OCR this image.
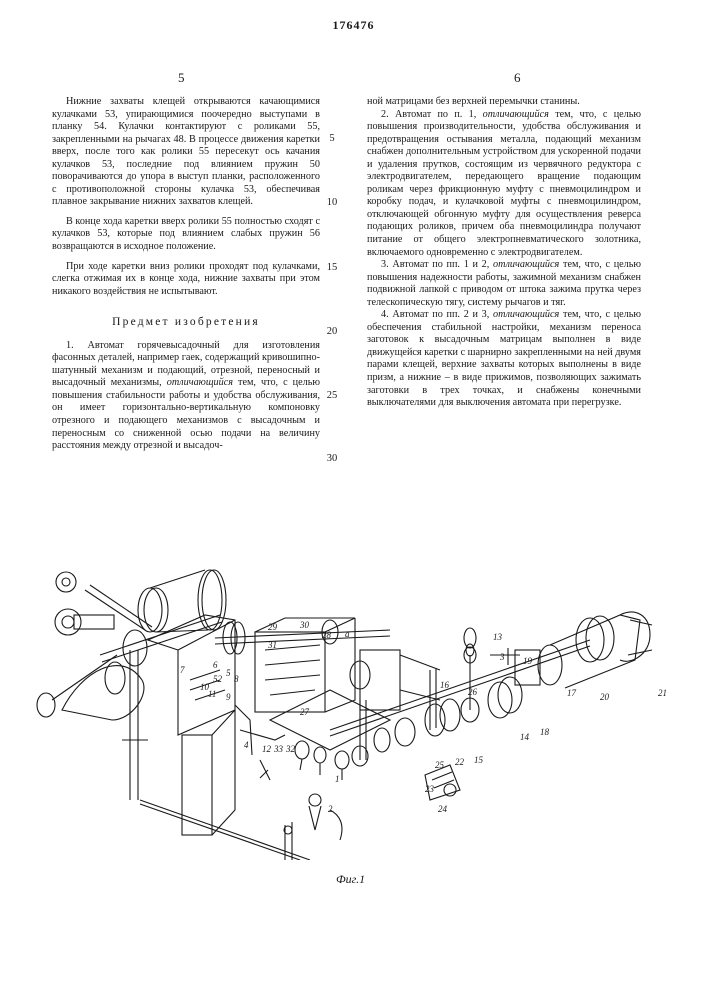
176476
5	6

Нижние захваты клещей открываются качающимися кулачками 53, упирающимися поочередно выступами в планку 54. Кулачки контактируют с роликами 55, закрепленными на рычагах 48. В процессе движения каретки вверх, после того как ролики 55 пересекут ось качания кулачков 53, последние под влиянием пружин 50 поворачиваются до упора в выступ планки, расположенного с противоположной стороны кулачка 53, обеспечивая плавное закрывание нижних захватов клещей.

В конце хода каретки вверх ролики 55 полностью сходят с кулачков 53, которые под влиянием слабых пружин 56 возвращаются в исходное положение.

При ходе каретки вниз ролики проходят под кулачками, слегка отжимая их в конце хода, нижние захваты при этом никакого воздействия не испытывают.

Предмет изобретения

1. Автомат горячевысадочный для изготовления фасонных деталей, например гаек, содержащий кривошипно-шатунный механизм и подающий, отрезной, переносный и высадочный механизмы, отличающийся тем, что, с целью повышения стабильности работы и удобства обслуживания, он имеет горизонтально-вертикальную компоновку отрезного и подающего механизмов с высадочным и переносным со сниженной осью подачи на величину расстояния между отрезной и высадоч-

ной матрицами без верхней перемычки станины.

2. Автомат по п. 1, отличающийся тем, что, с целью повышения производительности, удобства обслуживания и предотвращения остывания металла, подающий механизм снабжен дополнительным устройством для ускоренной подачи и удаления прутков, состоящим из червячного редуктора с электродвигателем, передающего вращение подающим роликам через фрикционную муфту с пневмоцилиндром и коробку подач, и кулачковой муфты с пневмоцилиндром, отключающей обгонную муфту для осуществления реверса подающих роликов, причем оба пневмоцилиндра получают питание от общего электропневматического золотника, включаемого одновременно с электродвигателем.

3. Автомат по пп. 1 и 2, отличающийся тем, что, с целью повышения надежности работы, зажимной механизм снабжен подвижной лапкой с приводом от штока зажима прутка через телескопическую тягу, систему рычагов и тяг.

4. Автомат по пп. 2 и 3, отличающийся тем, что, с целью обеспечения стабильной настройки, механизм переноса заготовок к высадочным матрицам выполнен в виде движущейся каретки с шарнирно закрепленными на ней двумя парами клещей, верхние захваты которых выполнены в виде призм, а нижние – в виде прижимов, позволяющих зажимать заготовки в трех точках, и снабжены конечными выключателями для выключения автомата при перегрузке.

5
10
15
20
25
30
13
3 19
21
17	20
18
14
16
26
22 15
25
24
23
1
2
12 33
4	32
7
10
11
6
52
5
31
9
8
29	30
28 а
27
Фиг.1
